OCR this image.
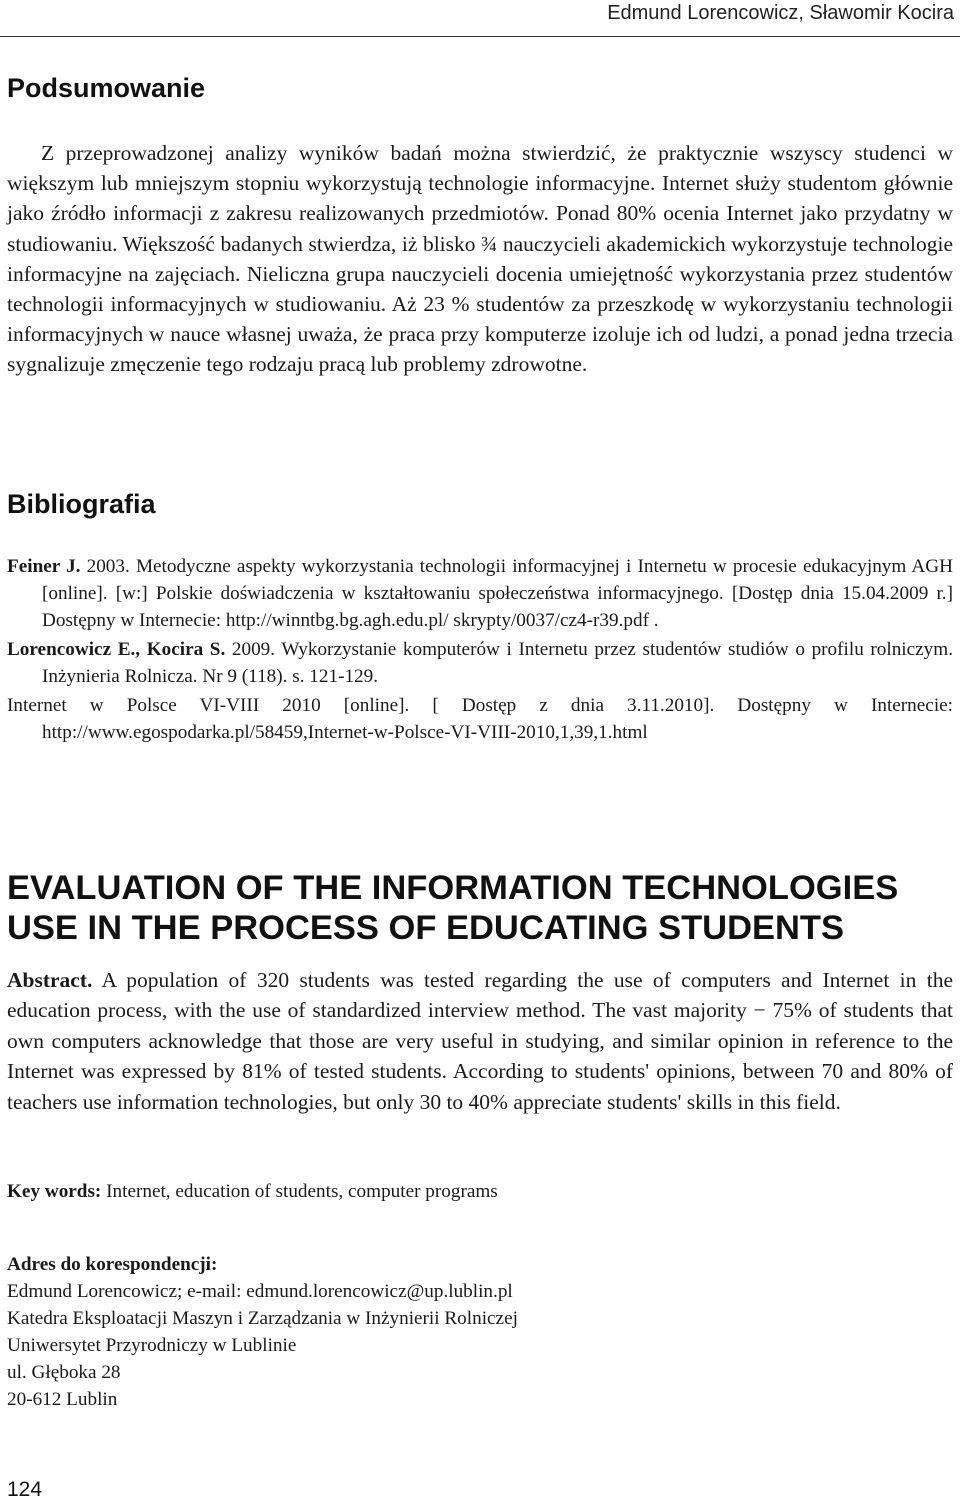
Edmund Lorencowicz, Sławomir Kocira
Podsumowanie

Z przeprowadzonej analizy wyników badań można stwierdzić, że praktycznie wszyscy studenci w większym lub mniejszym stopniu wykorzystują technologie informacyjne. Internet służy studentom głównie jako źródło informacji z zakresu realizowanych przedmiotów. Ponad 80% ocenia Internet jako przydatny w studiowaniu. Większość badanych stwierdza, iż blisko ¾ nauczycieli akademickich wykorzystuje technologie informacyjne na zajęciach. Nieliczna grupa nauczycieli docenia umiejętność wykorzystania przez studentów technologii informacyjnych w studiowaniu. Aż 23 % studentów za przeszkodę w wykorzystaniu technologii informacyjnych w nauce własnej uważa, że praca przy komputerze izoluje ich od ludzi, a ponad jedna trzecia sygnalizuje zmęczenie tego rodzaju pracą lub problemy zdrowotne.

Bibliografia
Feiner J. 2003. Metodyczne aspekty wykorzystania technologii informacyjnej i Internetu w procesie edukacyjnym AGH [online]. [w:] Polskie doświadczenia w kształtowaniu społeczeństwa informacyjnego. [Dostęp dnia 15.04.2009 r.] Dostępny w Internecie: http://winntbg.bg.agh.edu.pl/ skrypty/0037/cz4-r39.pdf .
Lorencowicz E., Kocira S. 2009. Wykorzystanie komputerów i Internetu przez studentów studiów o profilu rolniczym. Inżynieria Rolnicza. Nr 9 (118). s. 121-129.
Internet w Polsce VI-VIII 2010 [online]. [ Dostęp z dnia 3.11.2010]. Dostępny w Internecie: http://www.egospodarka.pl/58459,Internet-w-Polsce-VI-VIII-2010,1,39,1.html
EVALUATION OF THE INFORMATION TECHNOLOGIES USE IN THE PROCESS OF EDUCATING STUDENTS
Abstract. A population of 320 students was tested regarding the use of computers and Internet in the education process, with the use of standardized interview method. The vast majority − 75% of students that own computers acknowledge that those are very useful in studying, and similar opinion in reference to the Internet was expressed by 81% of tested students. According to students' opinions, between 70 and 80% of teachers use information technologies, but only 30 to 40% appreciate students' skills in this field.
Key words: Internet, education of students, computer programs
Adres do korespondencji:
Edmund Lorencowicz; e-mail: edmund.lorencowicz@up.lublin.pl
Katedra Eksploatacji Maszyn i Zarządzania w Inżynierii Rolniczej
Uniwersytet Przyrodniczy w Lublinie
ul. Głęboka 28
20-612 Lublin
124
